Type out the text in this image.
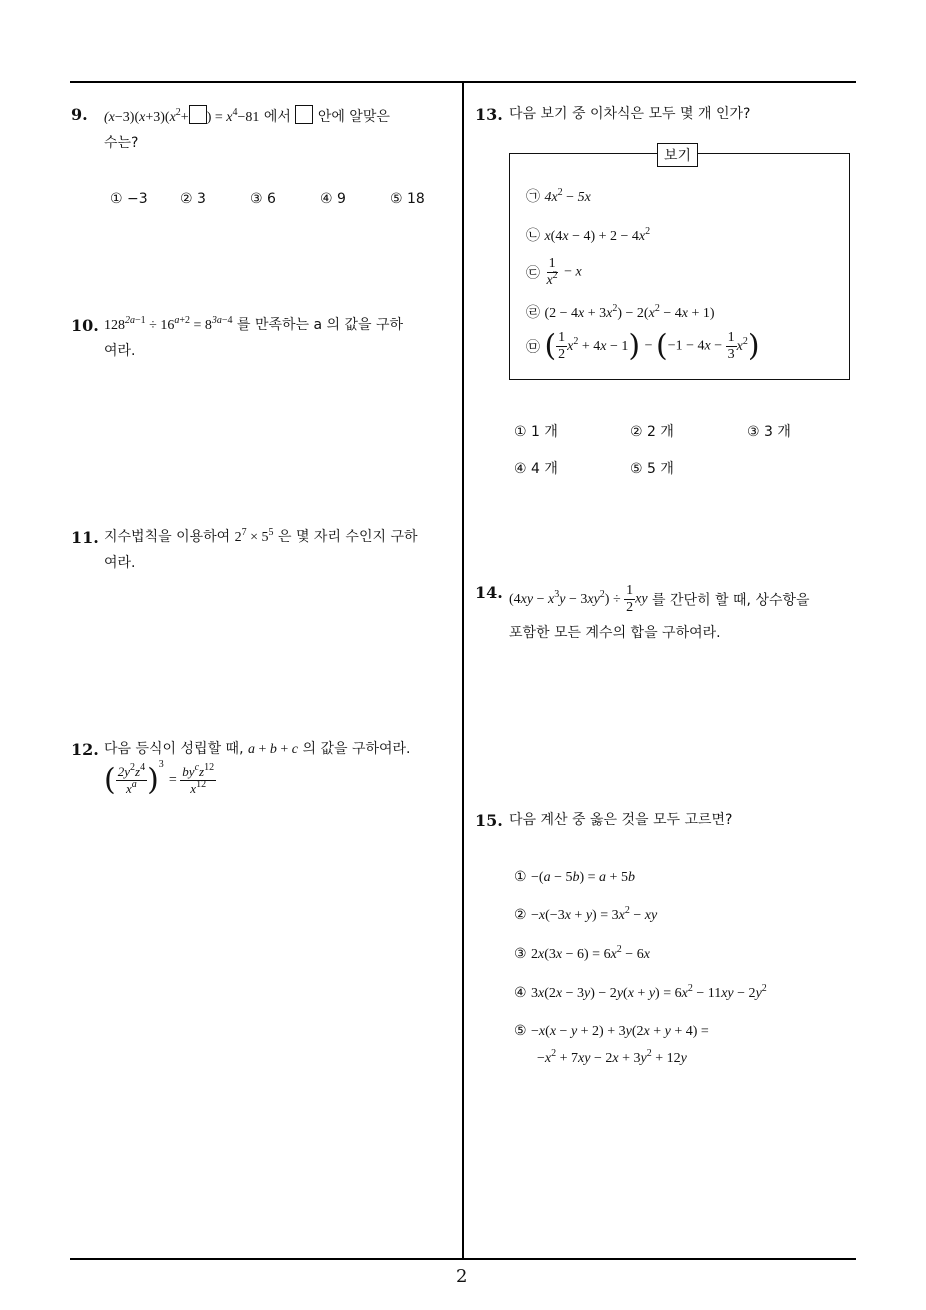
9. $(x-3)(x+3)(x^2+$ ) = $x^4-81$ 에서 안에 알맞은
수는?
① −3 ② 3	③ 6	④ 9	⑤ 18
10. $128^{2a-1} \div 16^{a+2} = 8^{3a-4}$ 를 만족하는 a 의 값을 구하
여라.
11. 지수법칙을 이용하여 $2^7 \times 5^5$ 은 몇 자리 수인지 구하
여라.
12. 다음 등식이 성립할 때, a + b + c 의 값을 구하여라.
( $\frac{2y^2z^4}{x^a} )^3 = \frac{by^cz^{12}}{x^{12}}$
13. 다음 보기 중 이차식은 모두 몇 개 인가?
보기
㉠ $4x^2 - 5x$
㉡ $x(4x - 4) + 2 - 4x^2$
㉢ $\frac{1}{x^2} - x$
㉣ $(2 - 4x + 3x^2) - 2(x^2 - 4x + 1)$
㉤ ( $\frac{1}{2} x^2 + 4x - 1) - (-1 - 4x - \frac{1}{3} x^2)$
① 1 개	② 2 개	③ 3 개
④ 4 개	⑤ 5 개
14. $(4xy - x^3y - 3xy^2) \div \frac{1}{2}$ xy 를 간단히 할 때, 상수항을
포함한 모든 계수의 합을 구하여라.
15. 다음 계산 중 옳은 것을 모두 고르면?
① −(a − 5b) = a + 5b
② $-x(-3x + y) = 3x^2$ − xy
③ $2x(3x - 6) = 6x^2 - 6x$
④ $3x(2x - 3y) - 2y(x + y) = 6x^2 - 11xy - 2y^2$
⑤ −x(x − y + 2) + 3y(2x + y + 4) =
$-x^2 + 7xy - 2x + 3y^2 + 12y$
2
